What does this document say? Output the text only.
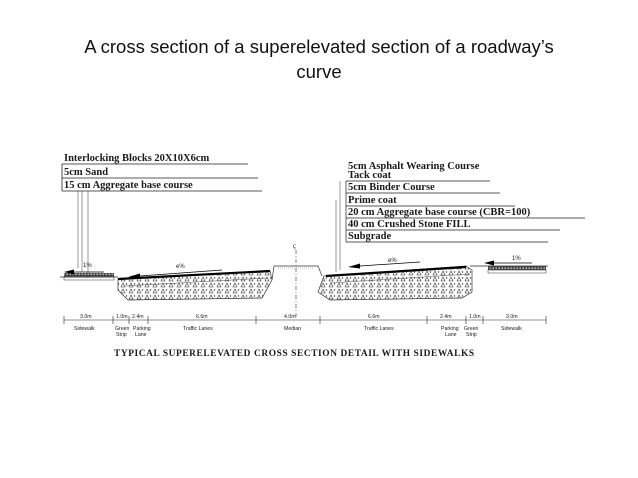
A cross section of a superelevated section of a roadway’s
curve
Interlocking Blocks 20X10X6cm
5cm Sand
15 cm Aggregate base course
5cm Asphalt Wearing Course
Tack coat
5cm Binder Course
Prime coat
20 cm Aggregate base course (CBR=100)
40 cm Crushed Stone FILL
Subgrade
ç
1%	e%
e%	1%
3.0m	1.0m 2.4m	6.6m	4.0m	6.6m	2.4m	1.0m	3.0m
Sidewalk	Green
Strip
Parking
Lane
Traffic Lanes	Median	Traffic Lanes	Parking
Lane
Green
Strip
Sidewalk
TYPICAL SUPERELEVATED CROSS SECTION DETAIL WITH SIDEWALKS
